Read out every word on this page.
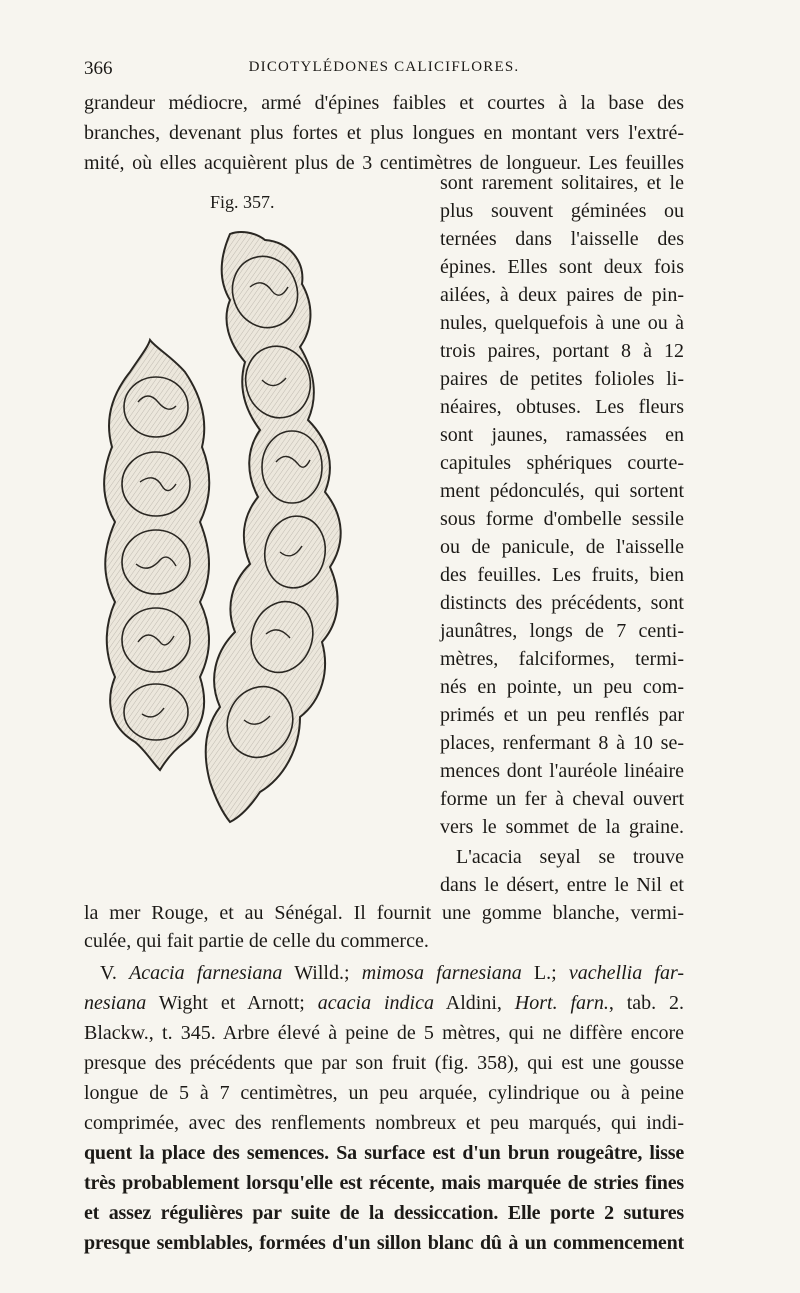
366	DICOTYLÉDONES CALICIFLORES.
grandeur médiocre, armé d'épines faibles et courtes à la base des
branches, devenant plus fortes et plus longues en montant vers l'extré-
mité, où elles acquièrent plus de 3 centimètres de longueur. Les feuilles
Fig. 357.
sont rarement solitaires, et le
plus souvent géminées ou
ternées dans l'aisselle des
épines. Elles sont deux fois
ailées, à deux paires de pin-
nules, quelquefois à une ou à
trois paires, portant 8 à 12
paires de petites folioles li-
néaires, obtuses. Les fleurs
sont jaunes, ramassées en
capitules sphériques courte-
ment pédonculés, qui sortent
sous forme d'ombelle sessile
ou de panicule, de l'aisselle
des feuilles. Les fruits, bien
distincts des précédents, sont
jaunâtres, longs de 7 centi-
mètres, falciformes, termi-
nés en pointe, un peu com-
primés et un peu renflés par
places, renfermant 8 à 10 se-
mences dont l'auréole linéaire
forme un fer à cheval ouvert
vers le sommet de la graine.
L'acacia seyal se trouve
dans le désert, entre le Nil et
la mer Rouge, et au Sénégal. Il fournit une gomme blanche, vermi-
culée, qui fait partie de celle du commerce.
V. Acacia farnesiana Willd.; mimosa farnesiana L.; vachellia far-
nesiana Wight et Arnott; acacia indica Aldini, Hort. farn., tab. 2.
Blackw., t. 345. Arbre élevé à peine de 5 mètres, qui ne diffère encore
presque des précédents que par son fruit (fig. 358), qui est une gousse
longue de 5 à 7 centimètres, un peu arquée, cylindrique ou à peine
comprimée, avec des renflements nombreux et peu marqués, qui indi-
quent la place des semences. Sa surface est d'un brun rougeâtre, lisse
très probablement lorsqu'elle est récente, mais marquée de stries fines
et assez régulières par suite de la dessiccation. Elle porte 2 sutures
presque semblables, formées d'un sillon blanc dû à un commencement
